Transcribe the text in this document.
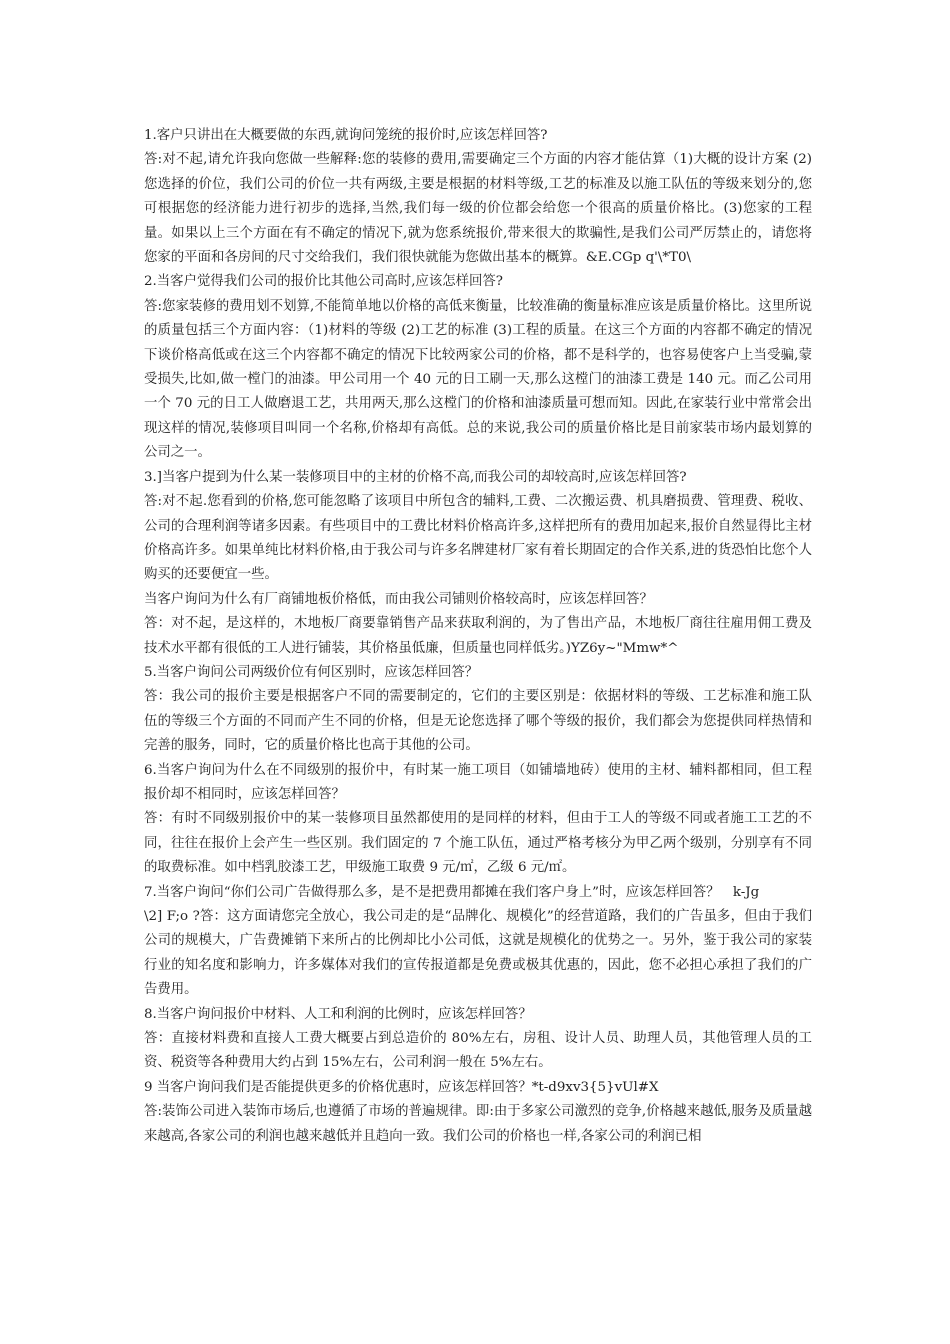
1.客户只讲出在大概要做的东西,就询问笼统的报价时,应该怎样回答?

答:对不起,请允许我向您做一些解释:您的装修的费用,需要确定三个方面的内容才能估算（1)大概的设计方案 (2)您选择的价位，我们公司的价位一共有两级,主要是根据的材料等级,工艺的标准及以施工队伍的等级来划分的,您可根据您的经济能力进行初步的选择,当然,我们每一级的价位都会给您一个很高的质量价格比。(3)您家的工程量。如果以上三个方面在有不确定的情况下,就为您系统报价,带来很大的欺骗性,是我们公司严厉禁止的，请您将您家的平面和各房间的尺寸交给我们，我们很快就能为您做出基本的概算。&E.CGp q'\*T0\

2.当客户觉得我们公司的报价比其他公司高时,应该怎样回答?

答:您家装修的费用划不划算,不能简单地以价格的高低来衡量，比较准确的衡量标准应该是质量价格比。这里所说的质量包括三个方面内容：（1)材料的等级 (2)工艺的标准 (3)工程的质量。在这三个方面的内容都不确定的情况下谈价格高低或在这三个内容都不确定的情况下比较两家公司的价格，都不是科学的，也容易使客户上当受骗,蒙受损失,比如,做一樘门的油漆。甲公司用一个 40 元的日工刷一天,那么这樘门的油漆工费是 140 元。而乙公司用一个 70 元的日工人做磨退工艺，共用两天,那么这樘门的价格和油漆质量可想而知。因此,在家装行业中常常会出现这样的情况,装修项目叫同一个名称,价格却有高低。总的来说,我公司的质量价格比是目前家装市场内最划算的公司之一。

3.]当客户提到为什么某一装修项目中的主材的价格不高,而我公司的却较高时,应该怎样回答?

答:对不起.您看到的价格,您可能忽略了该项目中所包含的辅料,工费、二次搬运费、机具磨损费、管理费、税收、公司的合理利润等诸多因素。有些项目中的工费比材料价格高许多,这样把所有的费用加起来,报价自然显得比主材价格高许多。如果单纯比材料价格,由于我公司与许多名牌建材厂家有着长期固定的合作关系,进的货恐怕比您个人购买的还要便宜一些。

当客户询问为什么有厂商铺地板价格低，而由我公司铺则价格较高时，应该怎样回答？

答：对不起，是这样的，木地板厂商要靠销售产品来获取利润的，为了售出产品，木地板厂商往往雇用佣工费及技术水平都有很低的工人进行铺装，其价格虽低廉，但质量也同样低劣。)YZ6y~"Mmw*^

5.当客户询问公司两级价位有何区别时，应该怎样回答？

答：我公司的报价主要是根据客户不同的需要制定的，它们的主要区别是：依据材料的等级、工艺标准和施工队伍的等级三个方面的不同而产生不同的价格，但是无论您选择了哪个等级的报价，我们都会为您提供同样热情和完善的服务，同时，它的质量价格比也高于其他的公司。

6.当客户询问为什么在不同级别的报价中，有时某一施工项目（如铺墙地砖）使用的主材、辅料都相同，但工程报价却不相同时，应该怎样回答？

答：有时不同级别报价中的某一装修项目虽然都使用的是同样的材料，但由于工人的等级不同或者施工工艺的不同，往往在报价上会产生一些区别。我们固定的 7 个施工队伍，通过严格考核分为甲乙两个级别，分别享有不同的取费标准。如中档乳胶漆工艺，甲级施工取费 9 元/㎡，乙级 6 元/㎡。

7.当客户询问“你们公司广告做得那么多，是不是把费用都摊在我们客户身上”时，应该怎样回答？　k-Jg

\2] F;o ?答：这方面请您完全放心，我公司走的是“品牌化、规模化”的经营道路，我们的广告虽多，但由于我们公司的规模大，广告费摊销下来所占的比例却比小公司低，这就是规模化的优势之一。另外，鉴于我公司的家装行业的知名度和影响力，许多媒体对我们的宣传报道都是免费或极其优惠的，因此，您不必担心承担了我们的广告费用。

8.当客户询问报价中材料、人工和利润的比例时，应该怎样回答？

答：直接材料费和直接人工费大概要占到总造价的 80%左右，房租、设计人员、助理人员，其他管理人员的工资、税资等各种费用大约占到 15%左右，公司利润一般在 5%左右。

9 当客户询问我们是否能提供更多的价格优惠时，应该怎样回答？*t-d9xv3{5}vUl#X

答:装饰公司进入装饰市场后,也遵循了市场的普遍规律。即:由于多家公司激烈的竞争,价格越来越低,服务及质量越来越高,各家公司的利润也越来越低并且趋向一致。我们公司的价格也一样,各家公司的利润已相
